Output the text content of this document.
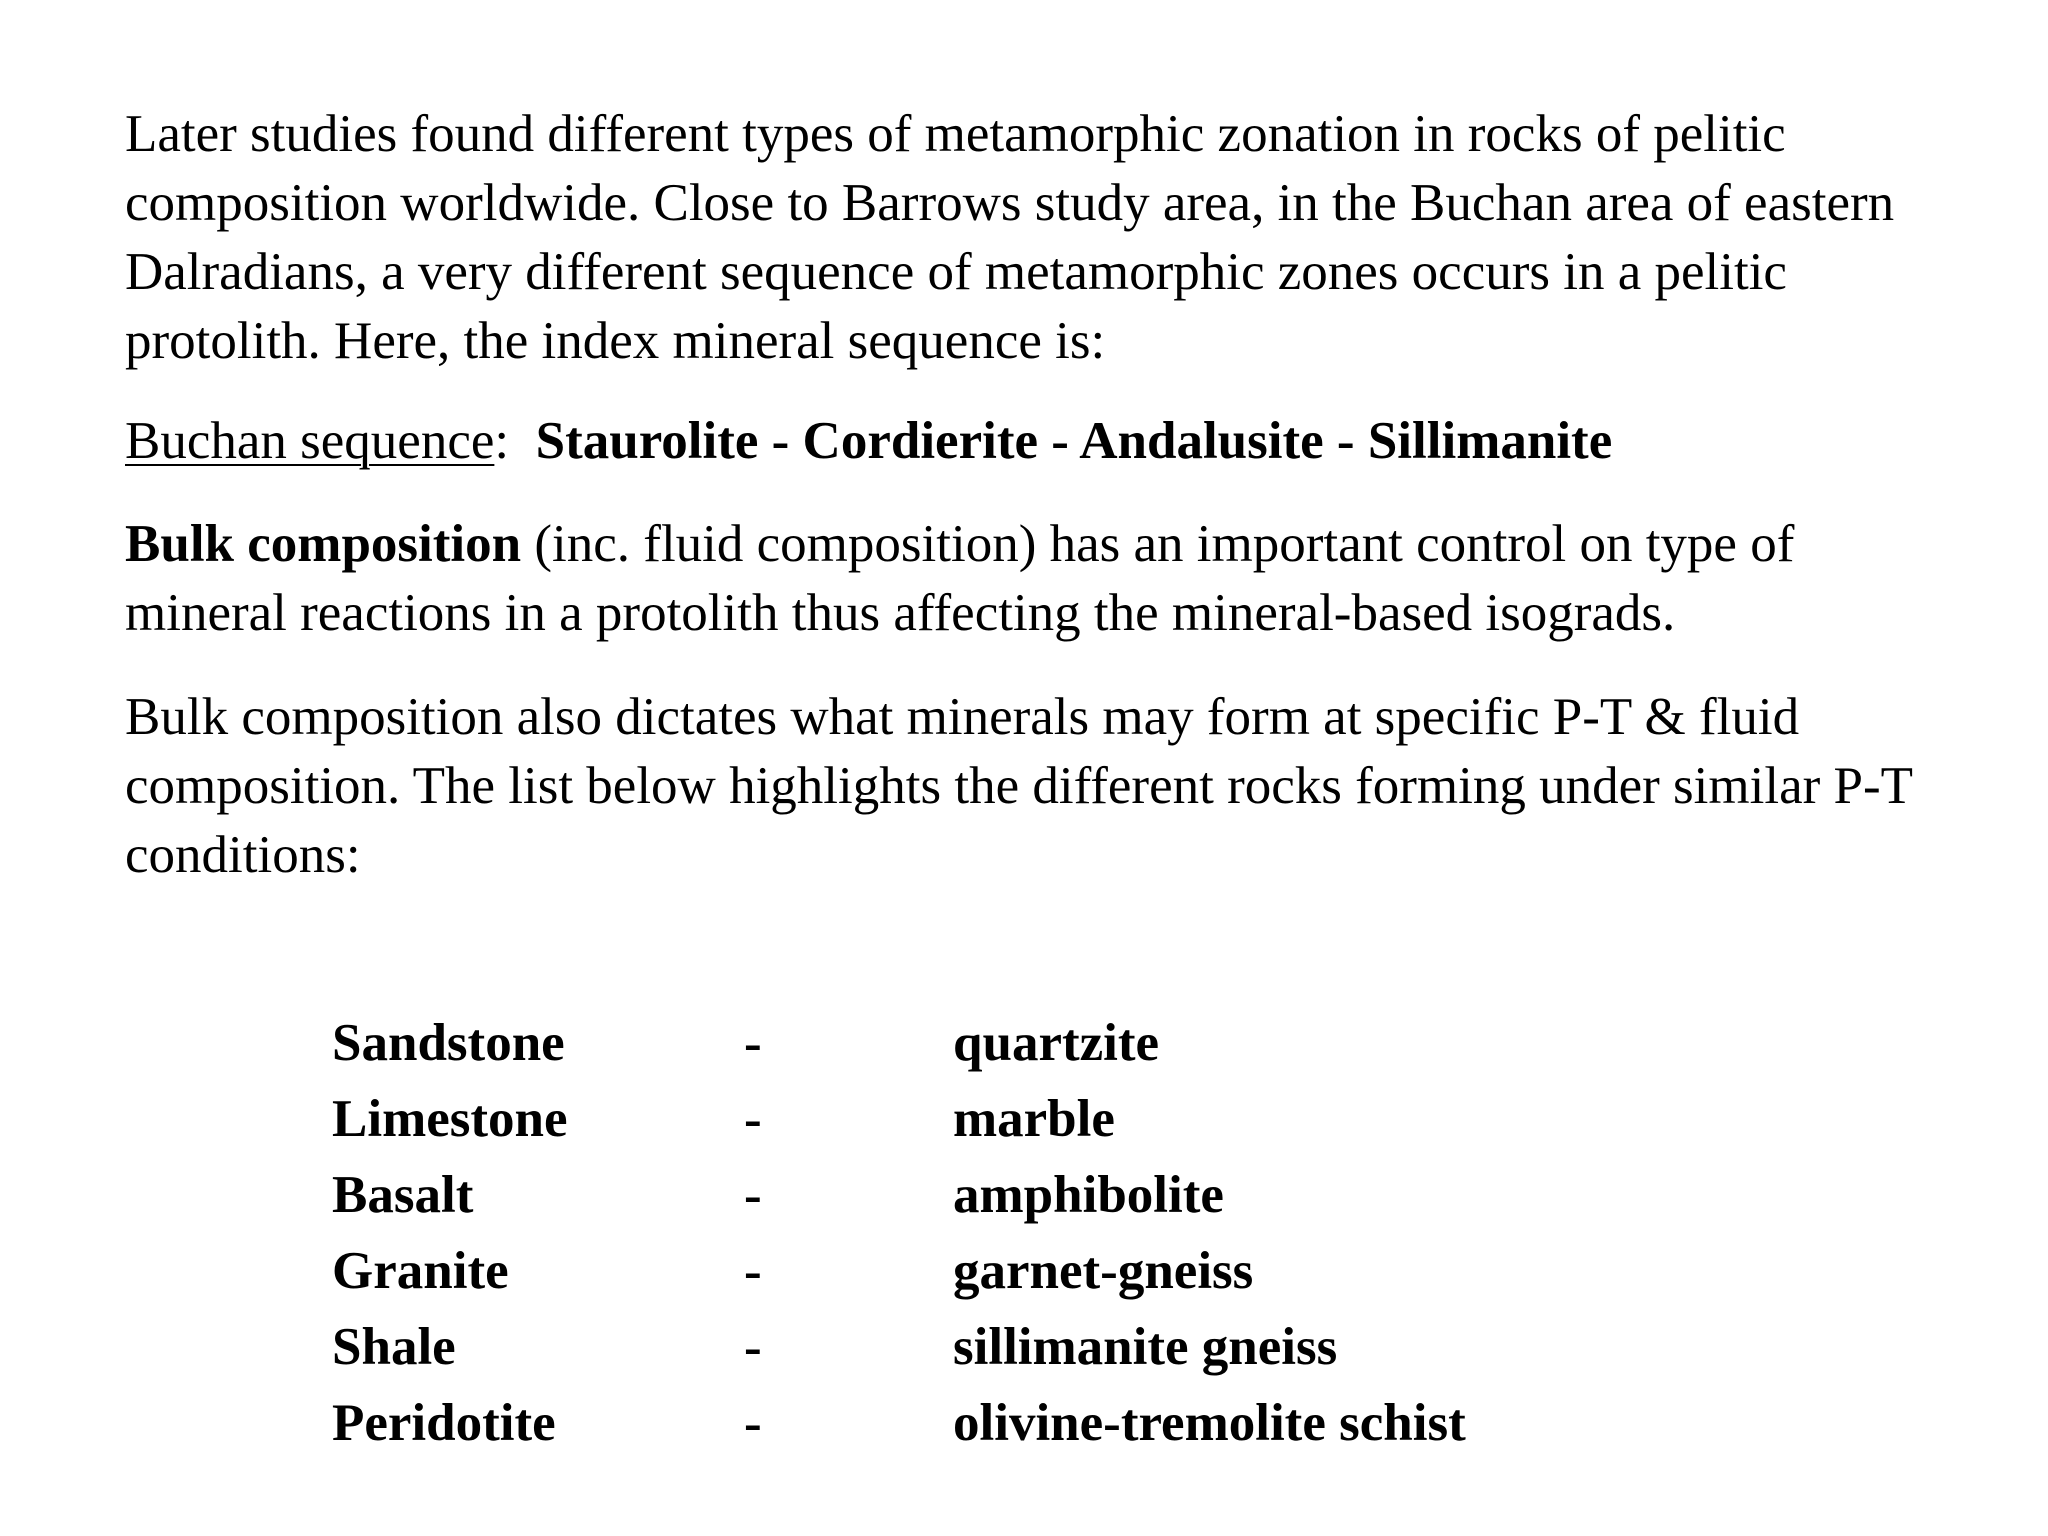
Later studies found different types of metamorphic zonation in rocks of pelitic composition worldwide. Close to Barrows study area, in the Buchan area of eastern Dalradians, a very different sequence of metamorphic zones occurs in a pelitic protolith. Here, the index mineral sequence is:

Buchan sequence: Staurolite - Cordierite - Andalusite - Sillimanite

Bulk composition (inc. fluid composition) has an important control on type of mineral reactions in a protolith thus affecting the mineral-based isograds.

Bulk composition also dictates what minerals may form at specific P-T & fluid composition. The list below highlights the different rocks forming under similar P-T conditions:

Sandstone	-	quartzite
Limestone	-	marble
Basalt	-	amphibolite
Granite	-	garnet-gneiss
Shale	-	sillimanite gneiss
Peridotite	-	olivine-tremolite schist
